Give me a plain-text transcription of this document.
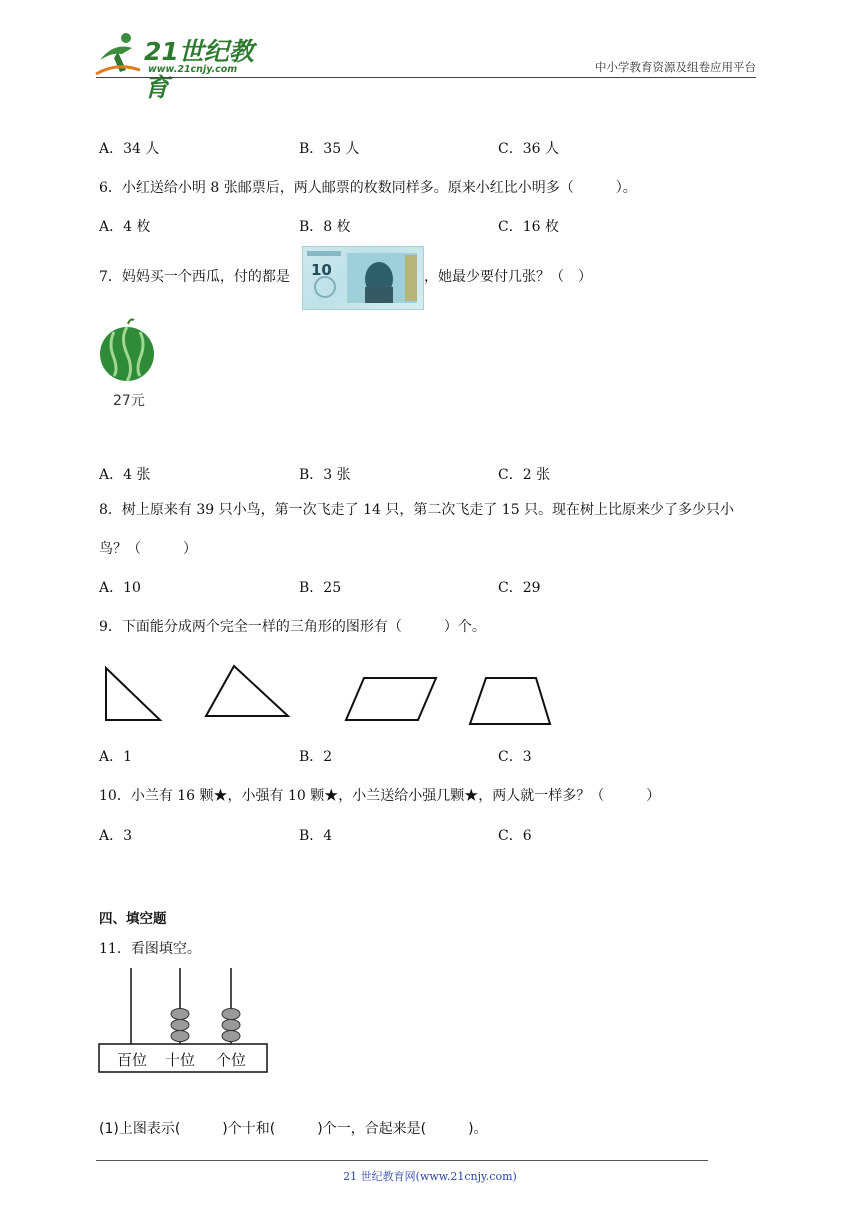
21世纪教育
www.21cnjy.com	中小学教育资源及组卷应用平台
A．34 人	B．35 人	C．36 人
6．小红送给小明 8 张邮票后，两人邮票的枚数同样多。原来小红比小明多（　　　）。
A．4 枚	B．8 枚	C．16 枚
7．妈妈买一个西瓜，付的都是 10	，她最少要付几张？（　）
27元
A．4 张	B．3 张	C．2 张
8．树上原来有 39 只小鸟，第一次飞走了 14 只，第二次飞走了 15 只。现在树上比原来少了多少只小
鸟？（　　　）
A．10	B．25	C．29
9．下面能分成两个完全一样的三角形的图形有（　　　）个。
A．1	B．2	C．3
10．小兰有 16 颗★，小强有 10 颗★，小兰送给小强几颗★，两人就一样多？（　　　）
A．3	B．4	C．6
四、填空题
11．看图填空。
百位 十位 个位
(1)上图表示(　　　)个十和(　　　)个一，合起来是(　　　)。
21 世纪教育网(www.21cnjy.com)
